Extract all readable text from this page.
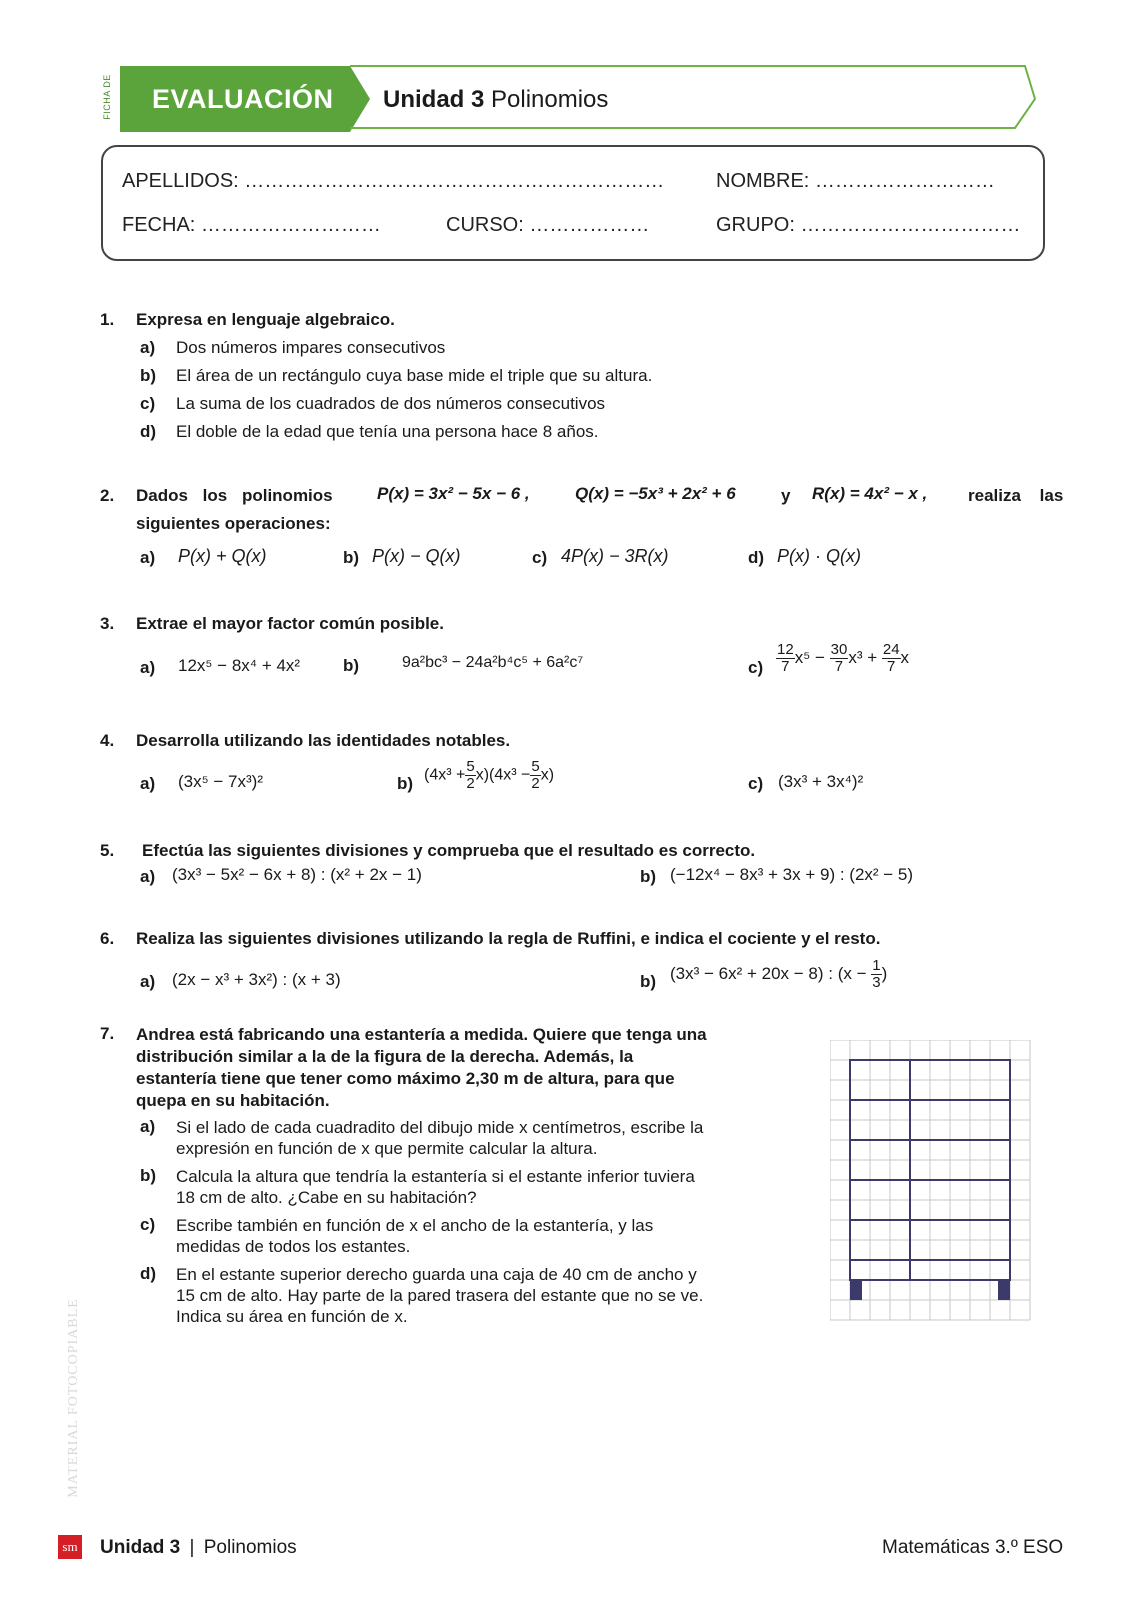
FICHA DE EVALUACIÓN Unidad 3 Polinomios
APELLIDOS: ………………………………………………………	NOMBRE: ………………………
FECHA: ………………………	CURSO: ………………	GRUPO: ……………………………
1. Expresa en lenguaje algebraico.
a) Dos números impares consecutivos
b) El área de un rectángulo cuya base mide el triple que su altura.
c) La suma de los cuadrados de dos números consecutivos
d) El doble de la edad que tenía una persona hace 8 años.
2. Dados los polinomios	P(x) = 3x² − 5x − 6 ,	Q(x) = −5x³ + 2x² + 6	y R(x) = 4x² − x , realiza las
siguientes operaciones:
a) P(x) + Q(x)	b) P(x) − Q(x)	c) 4P(x) − 3R(x)	d) P(x) · Q(x)
3. Extrae el mayor factor común posible.
a) 12x⁵ − 8x⁴ + 4x²	b)	9a²bc³ − 24a²b⁴c⁵ + 6a²c⁷	$c) \frac{12}{7} x^5 - \frac{30}{7} x^3 + \frac{24}{7}$ x
4. Desarrolla utilizando las identidades notables.
a) (3x⁵ − 7x³)²	b) $(4x^3 + \frac{5}{2} x)(4x^3 - \frac{5}{2} x)$	c) (3x³ + 3x⁴)²
5. Efectúa las siguientes divisiones y comprueba que el resultado es correcto.
a) (3x³ − 5x² − 6x + 8) : (x² + 2x − 1)	b) (−12x⁴ − 8x³ + 3x + 9) : (2x² − 5)
6. Realiza las siguientes divisiones utilizando la regla de Ruffini, e indica el cociente y el resto.
a) (2x − x³ + 3x²) : (x + 3)	b) (3x³ − 6x² + 20x − 8) : ($x - \frac{1}{3}$ )
7. Andrea está fabricando una estantería a medida. Quiere que tenga una
distribución similar a la de la figura de la derecha. Además, la
estantería tiene que tener como máximo 2,30 m de altura, para que
quepa en su habitación.
a) Si el lado de cada cuadradito del dibujo mide x centímetros, escribe la
expresión en función de x que permite calcular la altura.
b) Calcula la altura que tendría la estantería si el estante inferior tuviera
18 cm de alto. ¿Cabe en su habitación?
c) Escribe también en función de x el ancho de la estantería, y las
medidas de todos los estantes.
d) En el estante superior derecho guarda una caja de 40 cm de ancho y
15 cm de alto. Hay parte de la pared trasera del estante que no se ve.
Indica su área en función de x.
MATERIAL FOTOCOPIABLE
sm Unidad 3 | Polinomios	Matemáticas 3.º ESO
